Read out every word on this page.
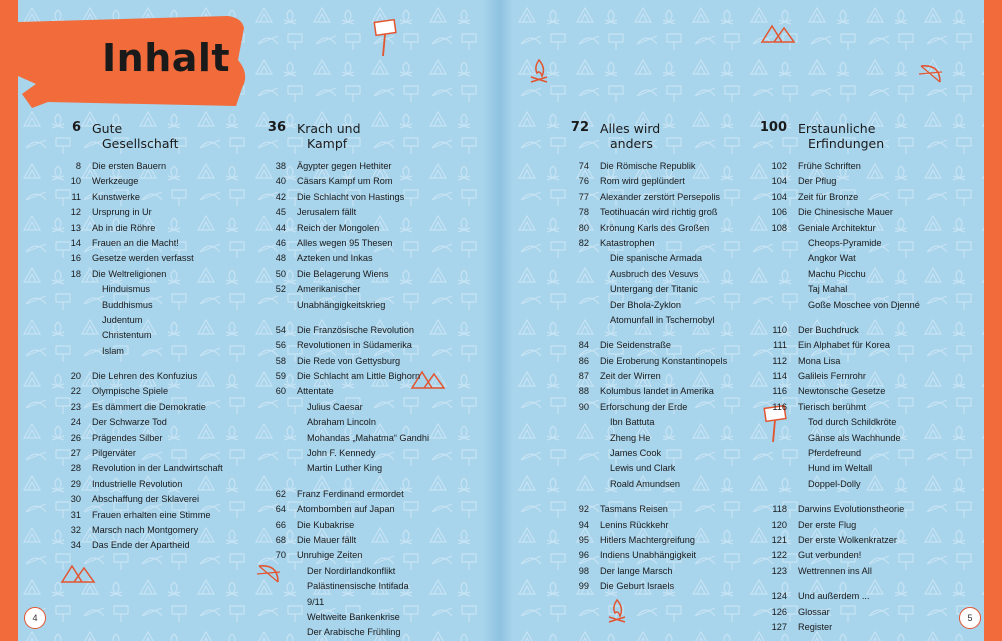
Inhalt
6 Gute
Gesellschaft
8 Die ersten Bauern
10 Werkzeuge
11 Kunstwerke
12 Ursprung in Ur
13 Ab in die Röhre
14 Frauen an die Macht!
16 Gesetze werden verfasst
18 Die Weltreligionen
Hinduismus
Buddhismus
Judentum
Christentum
Islam
20 Die Lehren des Konfuzius
22 Olympische Spiele
23 Es dämmert die Demokratie
24 Der Schwarze Tod
26 Prägendes Silber
27 Pilgerväter
28 Revolution in der Landwirtschaft
29 Industrielle Revolution
30 Abschaffung der Sklaverei
31 Frauen erhalten eine Stimme
32 Marsch nach Montgomery
34 Das Ende der Apartheid
36 Krach und
Kampf
38 Ägypter gegen Hethiter
40 Cäsars Kampf um Rom
42 Die Schlacht von Hastings
45 Jerusalem fällt
44 Reich der Mongolen
46 Alles wegen 95 Thesen
48 Azteken und Inkas
50 Die Belagerung Wiens
52 Amerikanischer
Unabhängigkeitskrieg
54 Die Französische Revolution
56 Revolutionen in Südamerika
58 Die Rede von Gettysburg
59 Die Schlacht am Little Bighorn
60 Attentate
Julius Caesar
Abraham Lincoln
Mohandas „Mahatma“ Gandhi
John F. Kennedy
Martin Luther King
62 Franz Ferdinand ermordet
64 Atombomben auf Japan
66 Die Kubakrise
68 Die Mauer fällt
70 Unruhige Zeiten
Der Nordirlandkonflikt
Palästinensische Intifada
9/11
Weltweite Bankenkrise
Der Arabische Frühling
72 Alles wird
anders
74 Die Römische Republik
76 Rom wird geplündert
77 Alexander zerstört Persepolis
78 Teotihuacán wird richtig groß
80 Krönung Karls des Großen
82 Katastrophen
Die spanische Armada
Ausbruch des Vesuvs
Untergang der Titanic
Der Bhola-Zyklon
Atomunfall in Tschernobyl
84 Die Seidenstraße
86 Die Eroberung Konstantinopels
87 Zeit der Wirren
88 Kolumbus landet in Amerika
90 Erforschung der Erde
Ibn Battuta
Zheng He
James Cook
Lewis und Clark
Roald Amundsen
92 Tasmans Reisen
94 Lenins Rückkehr
95 Hitlers Machtergreifung
96 Indiens Unabhängigkeit
98 Der lange Marsch
99 Die Geburt Israels
100 Erstaunliche
Erfindungen
102 Frühe Schriften
104 Der Pflug
104 Zeit für Bronze
106 Die Chinesische Mauer
108 Geniale Architektur
Cheops-Pyramide
Angkor Wat
Machu Picchu
Taj Mahal
Goße Moschee von Djenné
110 Der Buchdruck
111 Ein Alphabet für Korea
112 Mona Lisa
114 Galileis Fernrohr
116 Newtonsche Gesetze
116 Tierisch berühmt
Tod durch Schildkröte
Gänse als Wachhunde
Pferdefreund
Hund im Weltall
Doppel-Dolly
118 Darwins Evolutionstheorie
120 Der erste Flug
121 Der erste Wolkenkratzer
122 Gut verbunden!
123 Wettrennen ins All
124 Und außerdem ...
126 Glossar
127 Register
4	5
